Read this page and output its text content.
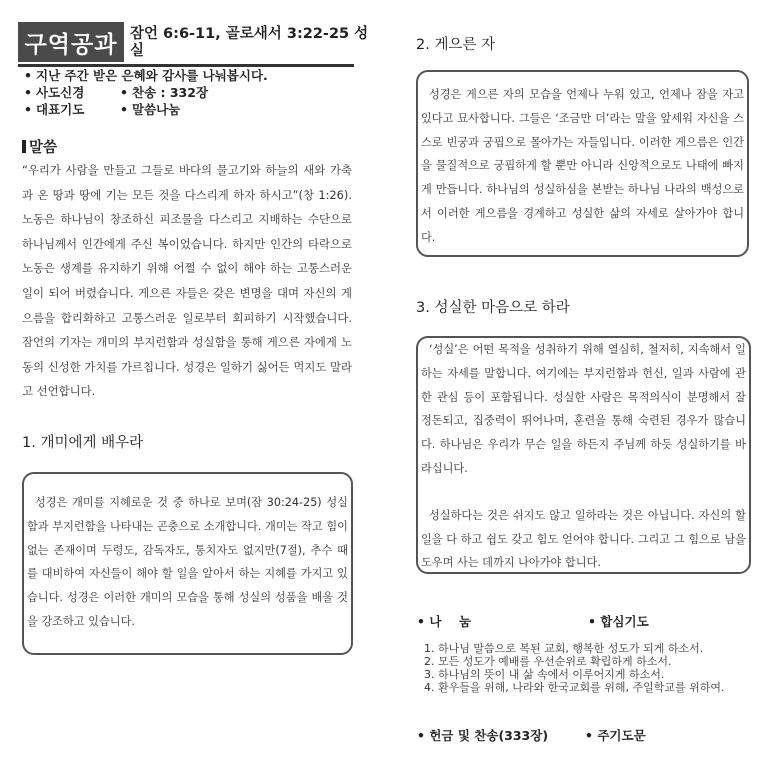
구역공과 잠언 6:6-11, 골로새서 3:22-25 성실
• 지난 주간 받은 은혜와 감사를 나눠봅시다.
• 사도신경	• 찬송 : 332장
• 대표기도	• 말씀나눔
말씀
“우리가 사람을 만들고 그들로 바다의 물고기와 하늘의 새와 가축과 온 땅과 땅에 기는 모든 것을 다스리게 하자 하시고”(창 1:26). 노동은 하나님이 창조하신 피조물을 다스리고 지배하는 수단으로 하나님께서 인간에게 주신 복이었습니다. 하지만 인간의 타락으로 노동은 생계를 유지하기 위해 어쩔 수 없이 해야 하는 고통스러운 일이 되어 버렸습니다. 게으른 자들은 갖은 변명을 대며 자신의 게으름을 합리화하고 고통스러운 일로부터 회피하기 시작했습니다. 잠언의 기자는 개미의 부지런함과 성실함을 통해 게으른 자에게 노동의 신성한 가치를 가르칩니다. 성경은 일하기 싫어든 먹지도 말라고 선언합니다.
1. 개미에게 배우라

성경은 개미를 지혜로운 것 중 하나로 보며(잠 30:24-25) 성실함과 부지런함을 나타내는 곤충으로 소개합니다. 개미는 작고 힘이 없는 존재이며 두령도, 감독자도, 통치자도 없지만(7절), 추수 때를 대비하여 자신들이 해야 할 일을 알아서 하는 지혜를 가지고 있습니다. 성경은 이러한 개미의 모습을 통해 성실의 성품을 배울 것을 강조하고 있습니다.

2. 게으른 자

성경은 게으른 자의 모습을 언제나 누워 있고, 언제나 잠을 자고 있다고 묘사합니다. 그들은 ‘조금만 더’라는 말을 앞세워 자신을 스스로 빈궁과 궁핍으로 몰아가는 자들입니다. 이러한 게으름은 인간을 물질적으로 궁핍하게 할 뿐만 아니라 신앙적으로도 나태에 빠지게 만듭니다. 하나님의 성실하심을 본받는 하나님 나라의 백성으로서 이러한 게으름을 경계하고 성실한 삶의 자세로 살아가야 합니다.

3. 성실한 마음으로 하라

‘성실’은 어떤 목적을 성취하기 위해 열심히, 철저히, 지속해서 일하는 자세를 말합니다. 여기에는 부지런함과 헌신, 일과 사람에 관한 관심 등이 포함됩니다. 성실한 사람은 목적의식이 분명해서 잘 정돈되고, 집중력이 뛰어나며, 훈련을 통해 숙련된 경우가 많습니다. 하나님은 우리가 무슨 일을 하든지 주님께 하듯 성실하기를 바라십니다.

성실하다는 것은 쉬지도 않고 일하라는 것은 아닙니다. 자신의 할 일을 다 하고 쉽도 갖고 힘도 얻어야 합니다. 그리고 그 힘으로 남을 도우며 사는 데까지 나아가야 합니다.

• 나    눔	• 합심기도
1. 하나님 말씀으로 복된 교회, 행복한 성도가 되게 하소서.
2. 모든 성도가 예배를 우선순위로 확립하게 하소서.
3. 하나님의 뜻이 내 삶 속에서 이루어지게 하소서.
4. 환우들을 위해, 나라와 한국교회를 위해, 주일학교를 위하여.
• 헌금 및 찬송(333장)	• 주기도문
